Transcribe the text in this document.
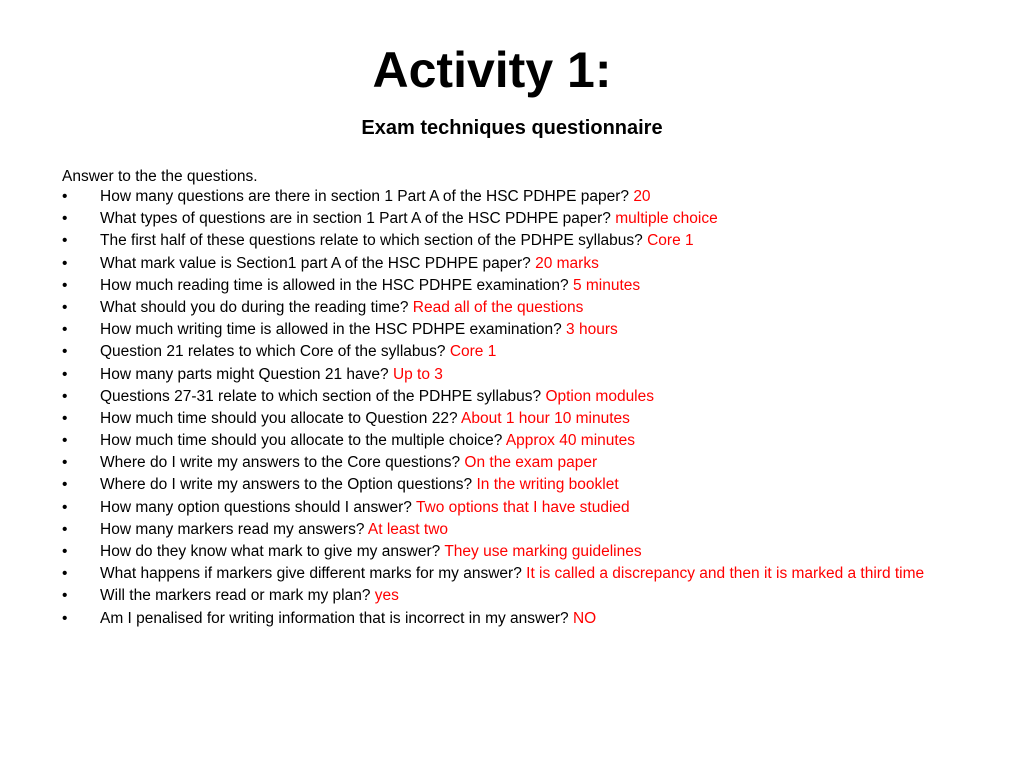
Activity 1:
Exam techniques questionnaire

Answer to the the questions.

• How many questions are there in section 1 Part A of the HSC PDHPE paper? 20
• What types of questions are in section 1 Part A of the HSC PDHPE paper? multiple choice
• The first half of these questions relate to which section of the PDHPE syllabus? Core 1
• What mark value is Section1 part A of the HSC PDHPE paper? 20 marks
• How much reading time is allowed in the HSC PDHPE examination? 5 minutes
• What should you do during the reading time? Read all of the questions
• How much writing time is allowed in the HSC PDHPE examination? 3 hours
• Question 21 relates to which Core of the syllabus? Core 1
• How many parts might Question 21 have? Up to 3
• Questions 27-31 relate to which section of the PDHPE syllabus? Option modules
• How much time should you allocate to Question 22? About 1 hour 10 minutes
• How much time should you allocate to the multiple choice? Approx 40 minutes
• Where do I write my answers to the Core questions? On the exam paper
• Where do I write my answers to the Option questions? In the writing booklet
• How many option questions should I answer? Two options that I have studied
• How many markers read my answers? At least two
• How do they know what mark to give my answer? They use marking guidelines
• What happens if markers give different marks for my answer? It is called a discrepancy and then it is marked a third time
• Will the markers read or mark my plan? yes
• Am I penalised for writing information that is incorrect in my answer? NO
